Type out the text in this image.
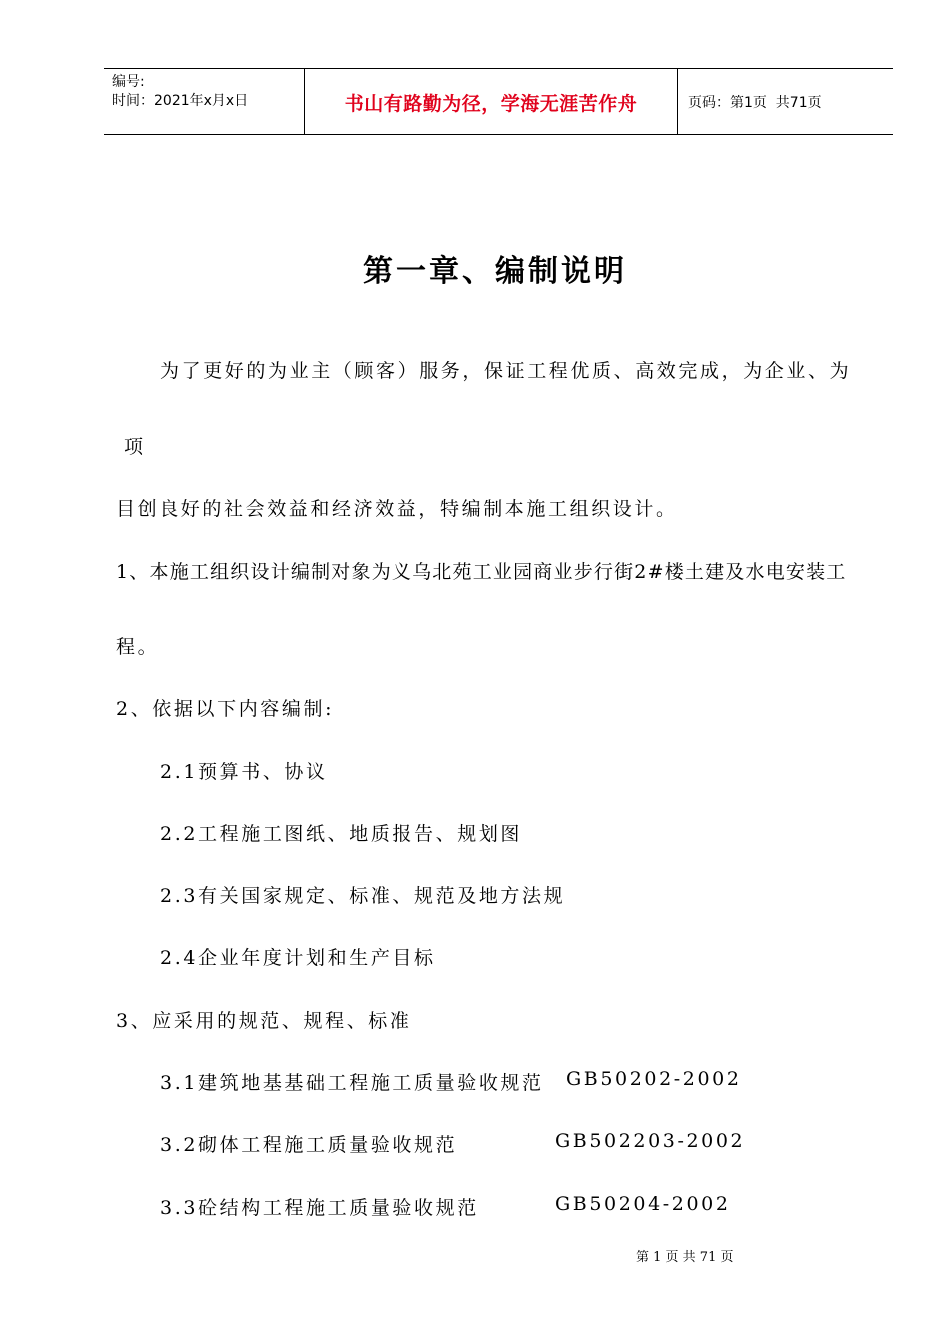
编号:
时间：2021年x月x日	书山有路勤为径，学海无涯苦作舟	页码：第1页  共71页
第一章、编制说明
为了更好的为业主（顾客）服务，保证工程优质、高效完成，为企业、为
项
目创良好的社会效益和经济效益，特编制本施工组织设计。
1、本施工组织设计编制对象为义乌北苑工业园商业步行街2#楼土建及水电安装工
程。
2、依据以下内容编制:
2.1预算书、协议
2.2工程施工图纸、地质报告、规划图
2.3有关国家规定、标准、规范及地方法规
2.4企业年度计划和生产目标
3、应采用的规范、规程、标准
3.1建筑地基基础工程施工质量验收规范 GB50202-2002
3.2砌体工程施工质量验收规范	GB502203-2002
3.3砼结构工程施工质量验收规范	GB50204-2002
第 1 页 共 71 页
